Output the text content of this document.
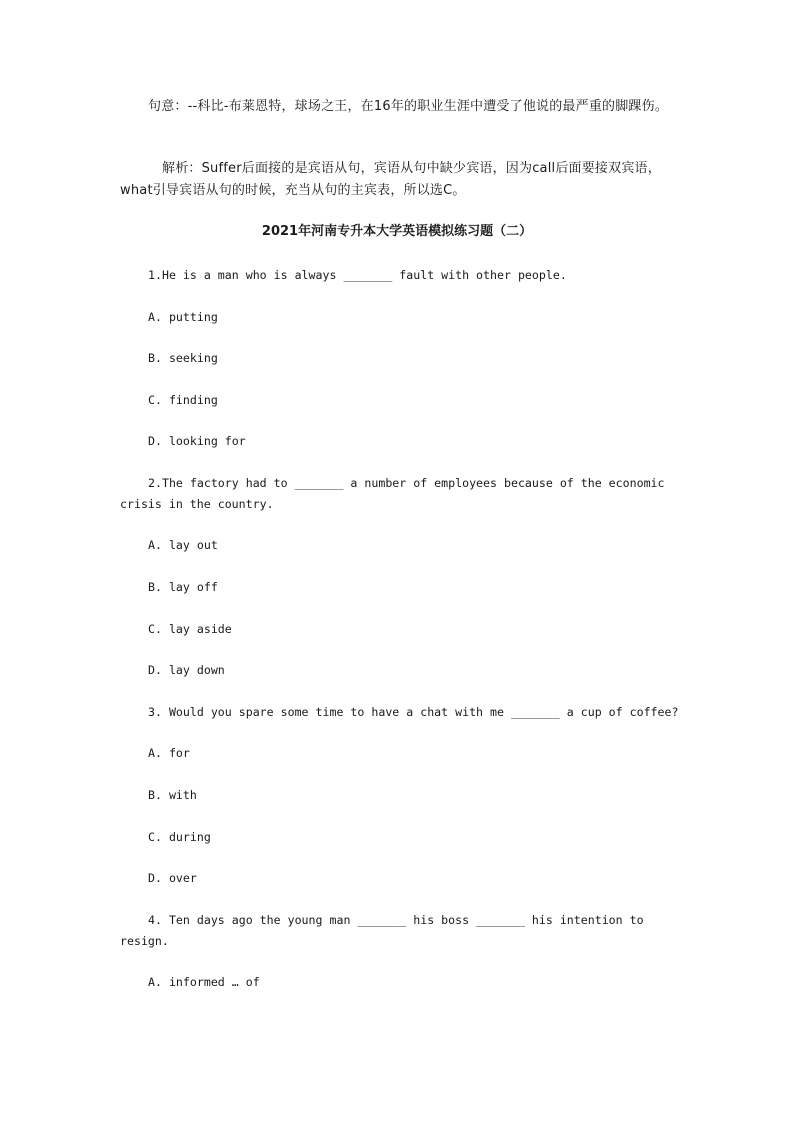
句意：--科比-布莱恩特，球场之王，在16年的职业生涯中遭受了他说的最严重的脚踝伤。
解析：Suffer后面接的是宾语从句，宾语从句中缺少宾语，因为call后面要接双宾语，what引导宾语从句的时候，充当从句的主宾表，所以选C。
2021年河南专升本大学英语模拟练习题（二）
1.He is a man who is always _______ fault with other people.
A. putting
B. seeking
C. finding
D. looking for
2.The factory had to _______ a number of employees because of the economic
crisis in the country.
A. lay out
B. lay off
C. lay aside
D. lay down
3. Would you spare some time to have a chat with me _______ a cup of coffee?
A. for
B. with
C. during
D. over
4. Ten days ago the young man _______ his boss _______ his intention to
resign.
A. informed … of
